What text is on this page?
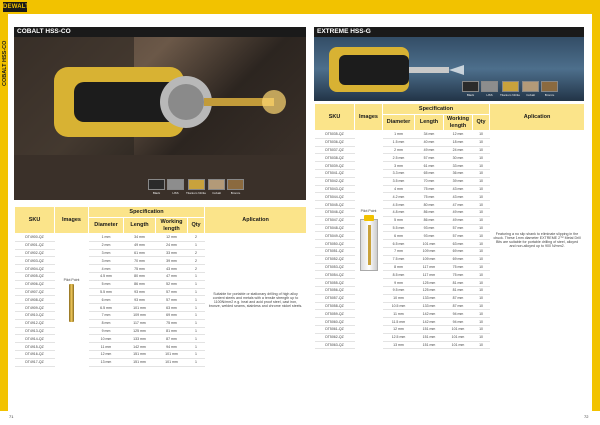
DEWALT
COBALT HSS-CO
COBALT HSS-CO	EXTREME HSS-G
Black	HSS Titanium Nitrite Cobalt	Bronze
Black	HSS Titanium Nitrite Cobalt	Bronze
SKU	Images	Specification				Aplication
		Diameter	Length	Working length	Qty	
DT4900-QZ	Pilot Point	1 mm	34 mm	12 mm	2	Suitable for portable or stationary drilling of high alloy content steels and metals with a tensile strength up to 1100N/mm2 e.g. heat and acid proof steel, cast iron, bronze, welded seams, stainless and chrome nickel steels.
DT4901-QZ		2 mm	49 mm	24 mm	1	
DT4902-QZ		3 mm	61 mm	33 mm	2	
DT4903-QZ		3 mm	70 mm	39 mm	2	
DT4904-QZ		4 mm	75 mm	43 mm	2	
DT4905-QZ		4.5 mm	80 mm	47 mm	1	
DT4906-QZ		5 mm	86 mm	52 mm	1	
DT4907-QZ		5.5 mm	93 mm	57 mm	1	
DT4908-QZ		6 mm	93 mm	57 mm	1	
DT4909-QZ		6.5 mm	101 mm	63 mm	1	
DT4910-QZ		7 mm	109 mm	69 mm	1	
DT4912-QZ		8 mm	117 mm	75 mm	1	
DT4913-QZ		9 mm	125 mm	81 mm	1	
DT4914-QZ		10 mm	133 mm	87 mm	1	
DT4915-QZ		11 mm	142 mm	94 mm	1	
DT4916-QZ		12 mm	151 mm	101 mm	1	
DT4917-QZ		13 mm	151 mm	101 mm	1	
SKU	Images	Specification				Aplication
		Diameter	Length	Working length	Qty	
DT5035-QZ	Pilot Point	1 mm	34 mm	12 mm	10	Featuring a no slip shank to eliminate slipping in the chuck. These 1mm diameter EXTREME 2™ Metal Drill Bits are suitable for portable drilling of steel, alloyed and non-alloyed up to 900 N/mm2.
DT5036-QZ		1.5 mm	40 mm	18 mm	10	
DT5037-QZ		2 mm	49 mm	24 mm	10	
DT5038-QZ		2.5 mm	57 mm	30 mm	10	
DT5039-QZ		3 mm	61 mm	33 mm	10	
DT5041-QZ		3.3 mm	65 mm	36 mm	10	
DT5042-QZ		3.5 mm	70 mm	39 mm	10	
DT5043-QZ		4 mm	75 mm	43 mm	10	
DT5044-QZ		4.2 mm	75 mm	43 mm	10	
DT5045-QZ		4.5 mm	80 mm	47 mm	10	
DT5046-QZ		4.8 mm	86 mm	49 mm	10	
DT5047-QZ		5 mm	86 mm	49 mm	10	
DT5048-QZ		5.5 mm	93 mm	57 mm	10	
DT5049-QZ		6 mm	93 mm	57 mm	10	
DT5050-QZ		6.5 mm	101 mm	63 mm	10	
DT5051-QZ		7 mm	109 mm	69 mm	10	
DT5052-QZ		7.5 mm	109 mm	69 mm	10	
DT5053-QZ		8 mm	117 mm	75 mm	10	
DT5054-QZ		8.5 mm	117 mm	75 mm	10	
DT5055-QZ		9 mm	125 mm	81 mm	10	
DT5056-QZ		9.5 mm	125 mm	81 mm	10	
DT5057-QZ		10 mm	133 mm	87 mm	10	
DT5058-QZ		10.5 mm	133 mm	87 mm	10	
DT5059-QZ		11 mm	142 mm	94 mm	10	
DT5060-QZ		11.5 mm	142 mm	94 mm	10	
DT5061-QZ		12 mm	151 mm	101 mm	10	
DT5062-QZ		12.5 mm	151 mm	101 mm	10	
DT5063-QZ		13 mm	151 mm	101 mm	10	
71	72
